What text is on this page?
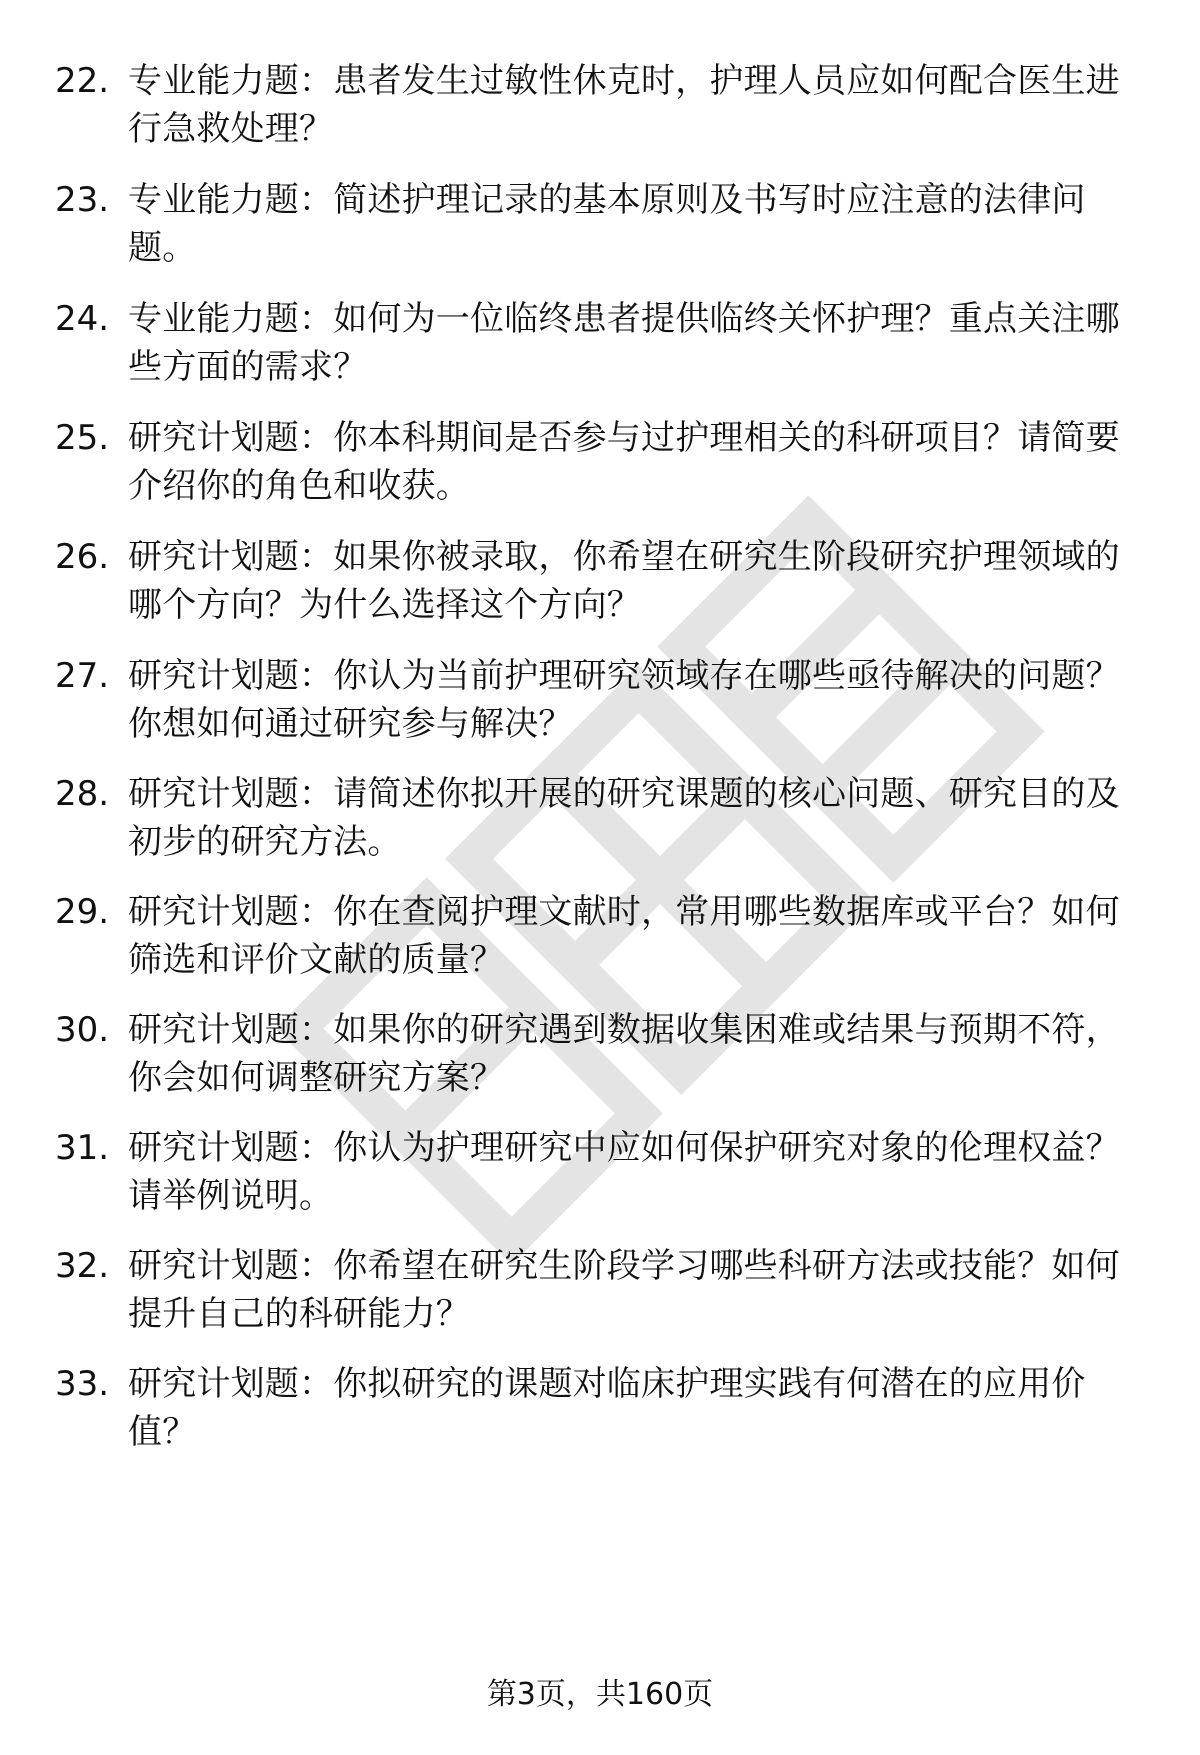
22. 专业能力题：患者发生过敏性休克时，护理人员应如何配合医生进行急救处理？
23. 专业能力题：简述护理记录的基本原则及书写时应注意的法律问题。
24. 专业能力题：如何为一位临终患者提供临终关怀护理？重点关注哪些方面的需求？
25. 研究计划题：你本科期间是否参与过护理相关的科研项目？请简要介绍你的角色和收获。
26. 研究计划题：如果你被录取，你希望在研究生阶段研究护理领域的哪个方向？为什么选择这个方向？
27. 研究计划题：你认为当前护理研究领域存在哪些亟待解决的问题？你想如何通过研究参与解决？
28. 研究计划题：请简述你拟开展的研究课题的核心问题、研究目的及初步的研究方法。
29. 研究计划题：你在查阅护理文献时，常用哪些数据库或平台？如何筛选和评价文献的质量？
30. 研究计划题：如果你的研究遇到数据收集困难或结果与预期不符，你会如何调整研究方案？
31. 研究计划题：你认为护理研究中应如何保护研究对象的伦理权益？请举例说明。
32. 研究计划题：你希望在研究生阶段学习哪些科研方法或技能？如何提升自己的科研能力？
33. 研究计划题：你拟研究的课题对临床护理实践有何潜在的应用价值？
第3页，共160页
